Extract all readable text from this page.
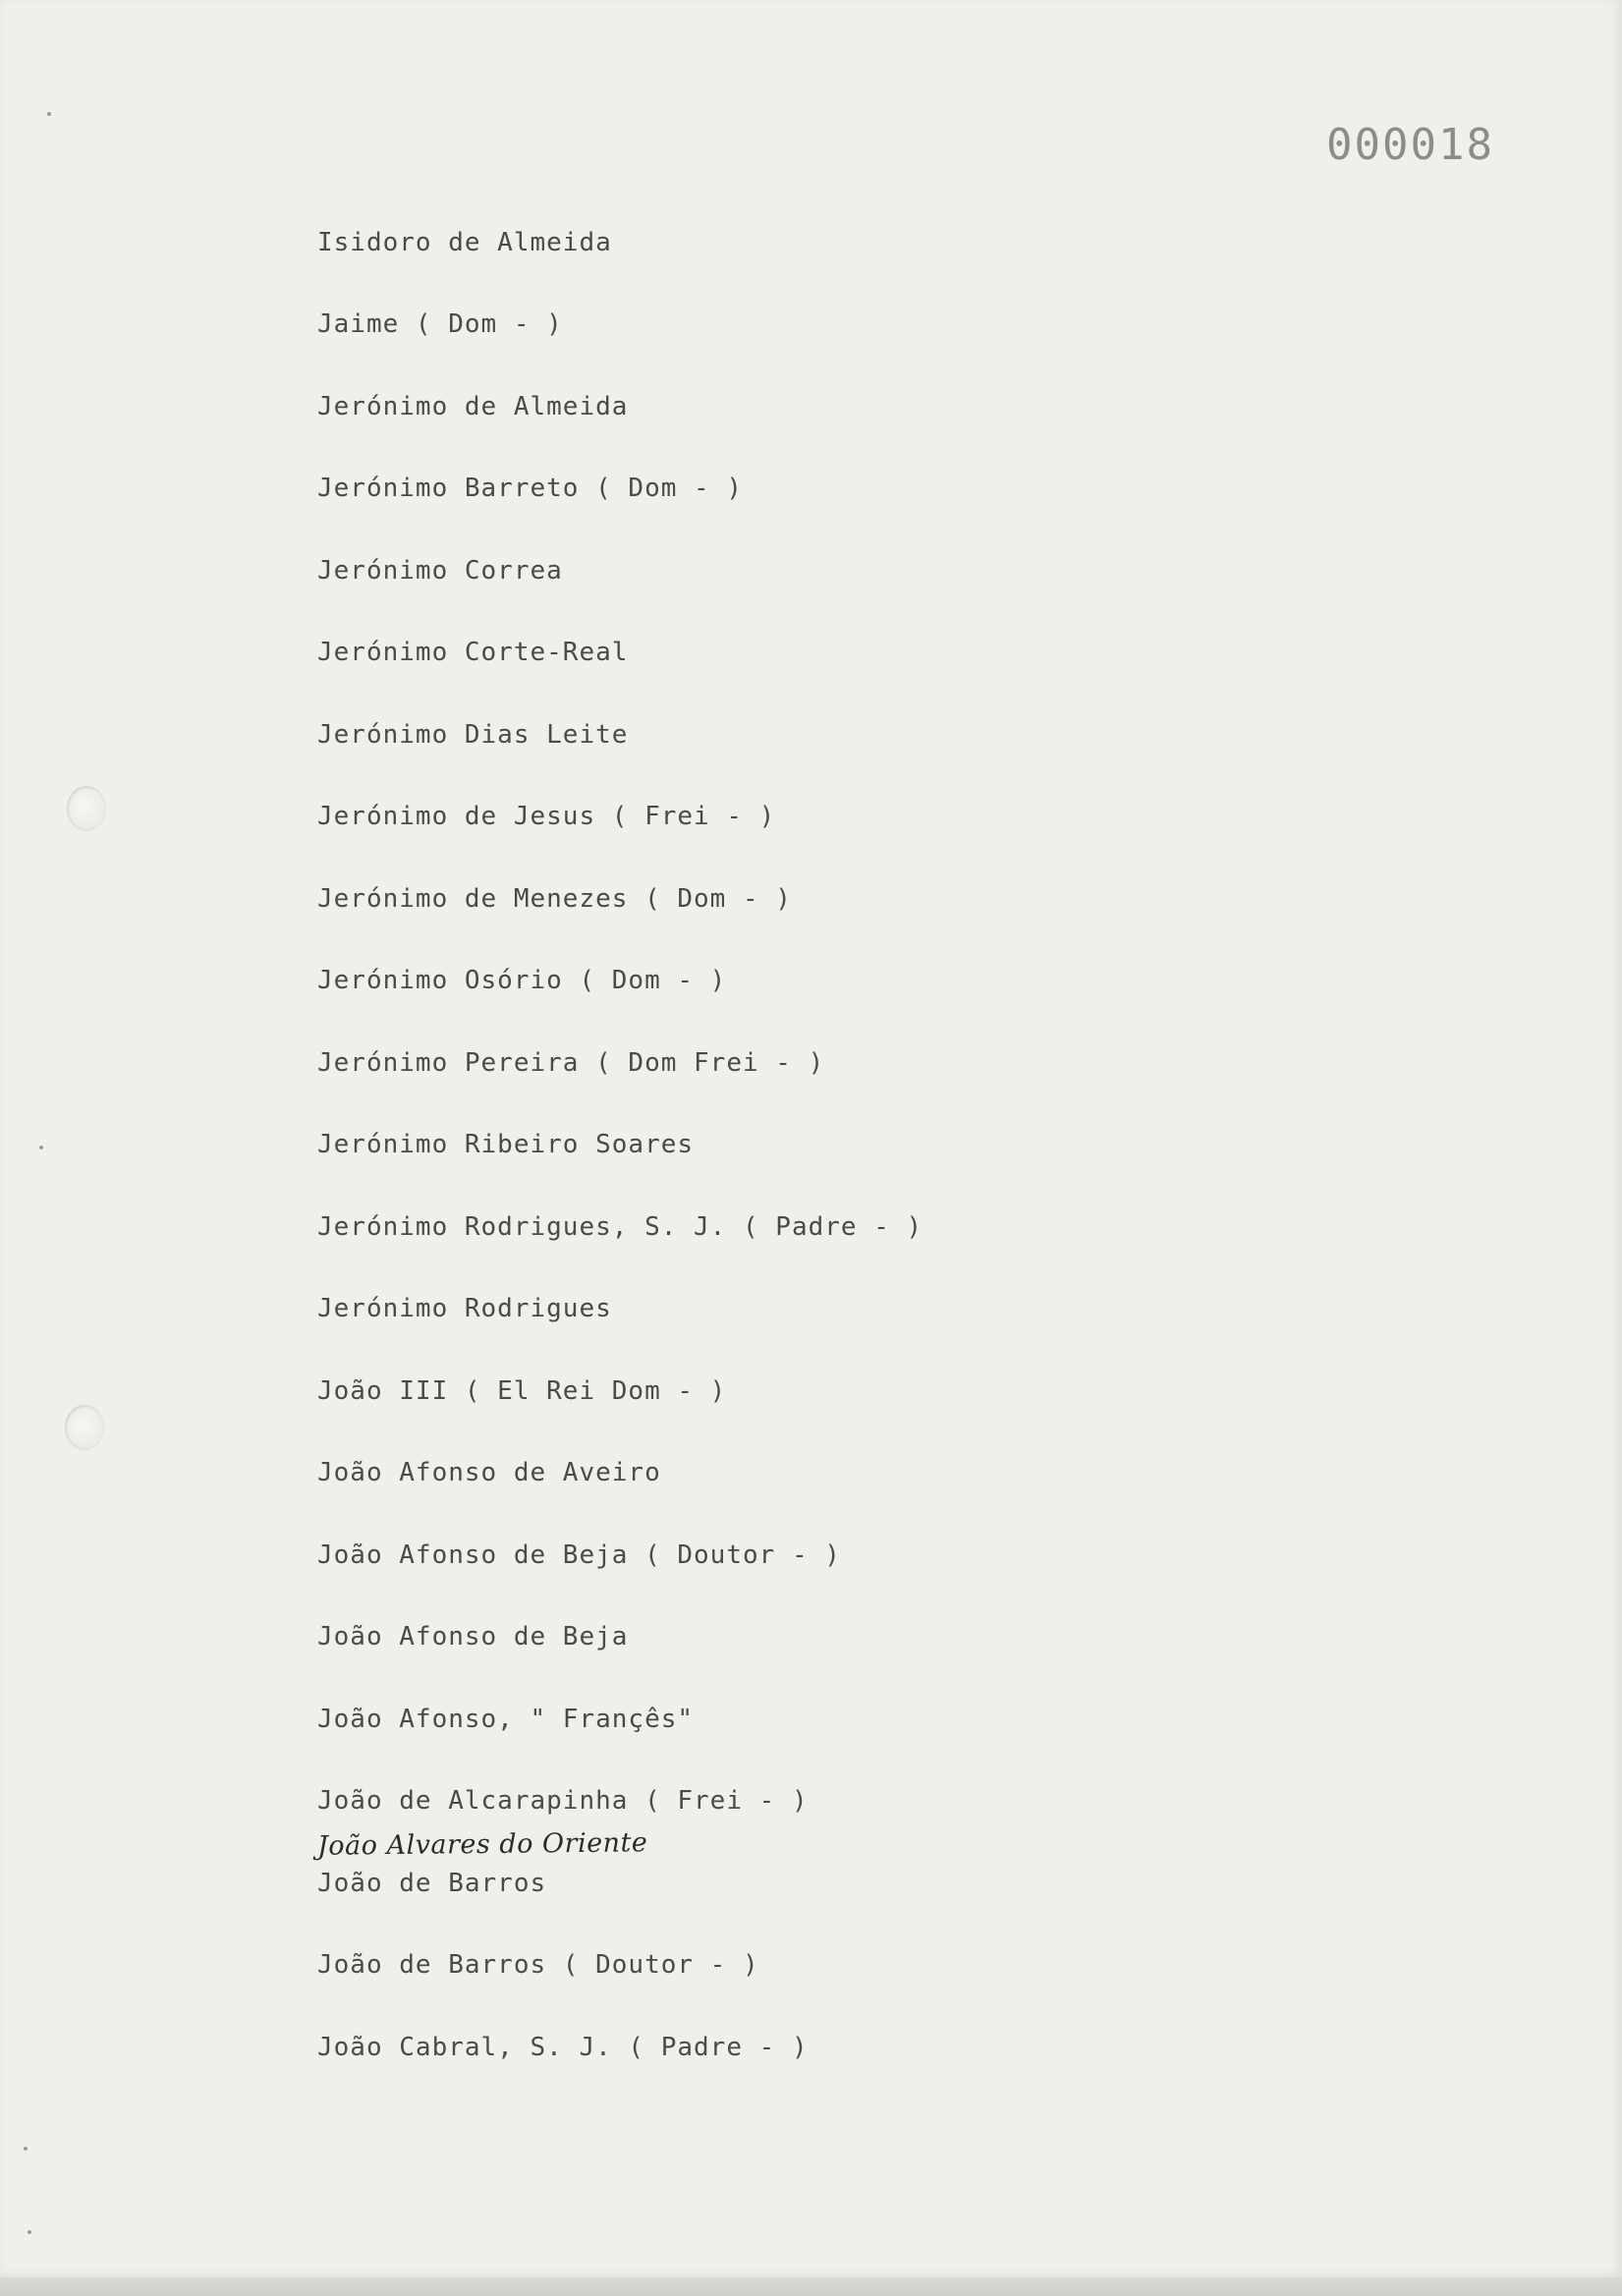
000018
Isidoro de Almeida
Jaime ( Dom - )
Jerónimo de Almeida
Jerónimo Barreto ( Dom - )
Jerónimo Correa
Jerónimo Corte-Real
Jerónimo Dias Leite
Jerónimo de Jesus ( Frei - )
Jerónimo de Menezes ( Dom - )
Jerónimo Osório ( Dom - )
Jerónimo Pereira ( Dom Frei - )
Jerónimo Ribeiro Soares
Jerónimo Rodrigues, S. J. ( Padre - )
Jerónimo Rodrigues
João III ( El Rei Dom - )
João Afonso de Aveiro
João Afonso de Beja ( Doutor - )
João Afonso de Beja
João Afonso, " Françês"
João de Alcarapinha ( Frei - )
João de Barros
João de Barros ( Doutor - )
João Cabral, S. J. ( Padre - )
João Alvares do Oriente
